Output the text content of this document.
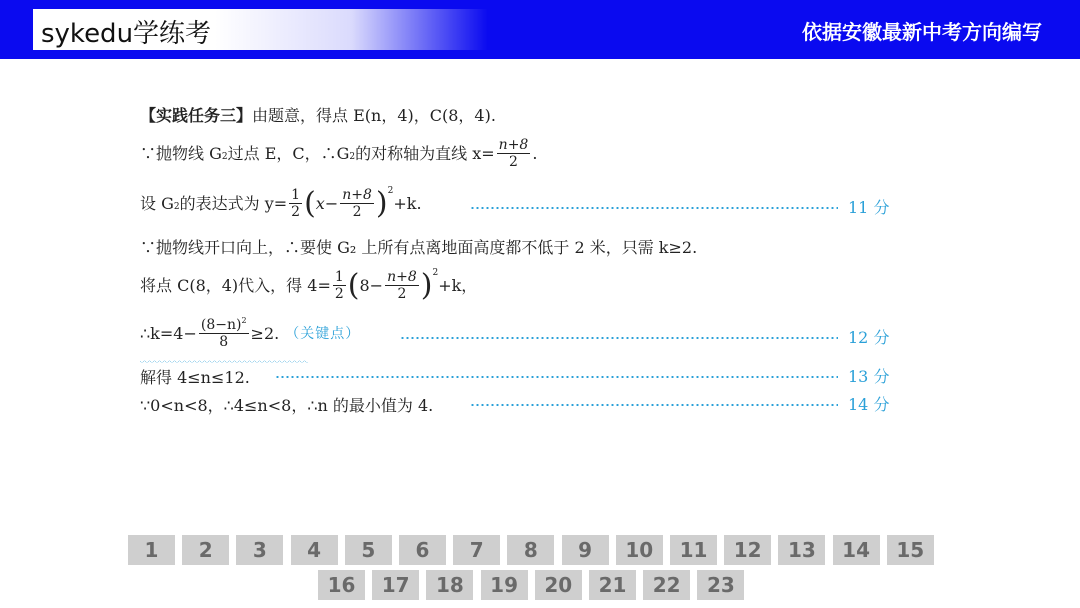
sykedu学练考	依据安徽最新中考方向编写
【实践任务三】 由题意，得点 E(n，4)，C(8，4).
∵抛物线 G 2 过点 E，C，∴G 2 的对称轴为直线 $x= \frac{n+8}{2}$ .
设 G 2 的表达式为 $y= \frac{1}{2}$ ( $x- \frac{n+8}{2}$ ) 2
+k.	11 分
∵抛物线开口向上，∴要使 G₂ 上所有点离地面高度都不低于 2 米，只需 k≥2.
将点 C(8，4)代入，得 $4= \frac{1}{2}$ ( $8- \frac{n+8}{2}$ ) 2
+k，
∴k=4− $\frac{(8-n)^2}{8} \ge 2$. （关键点）	12 分
解得 4≤n≤12.	13 分
∵0<n<8，∴4≤n<8，∴n 的最小值为 4.	14 分
1	2	3	4	5	6	7	8	9	10	11	12	13	14	15
16	17	18	19	20	21	22	23
